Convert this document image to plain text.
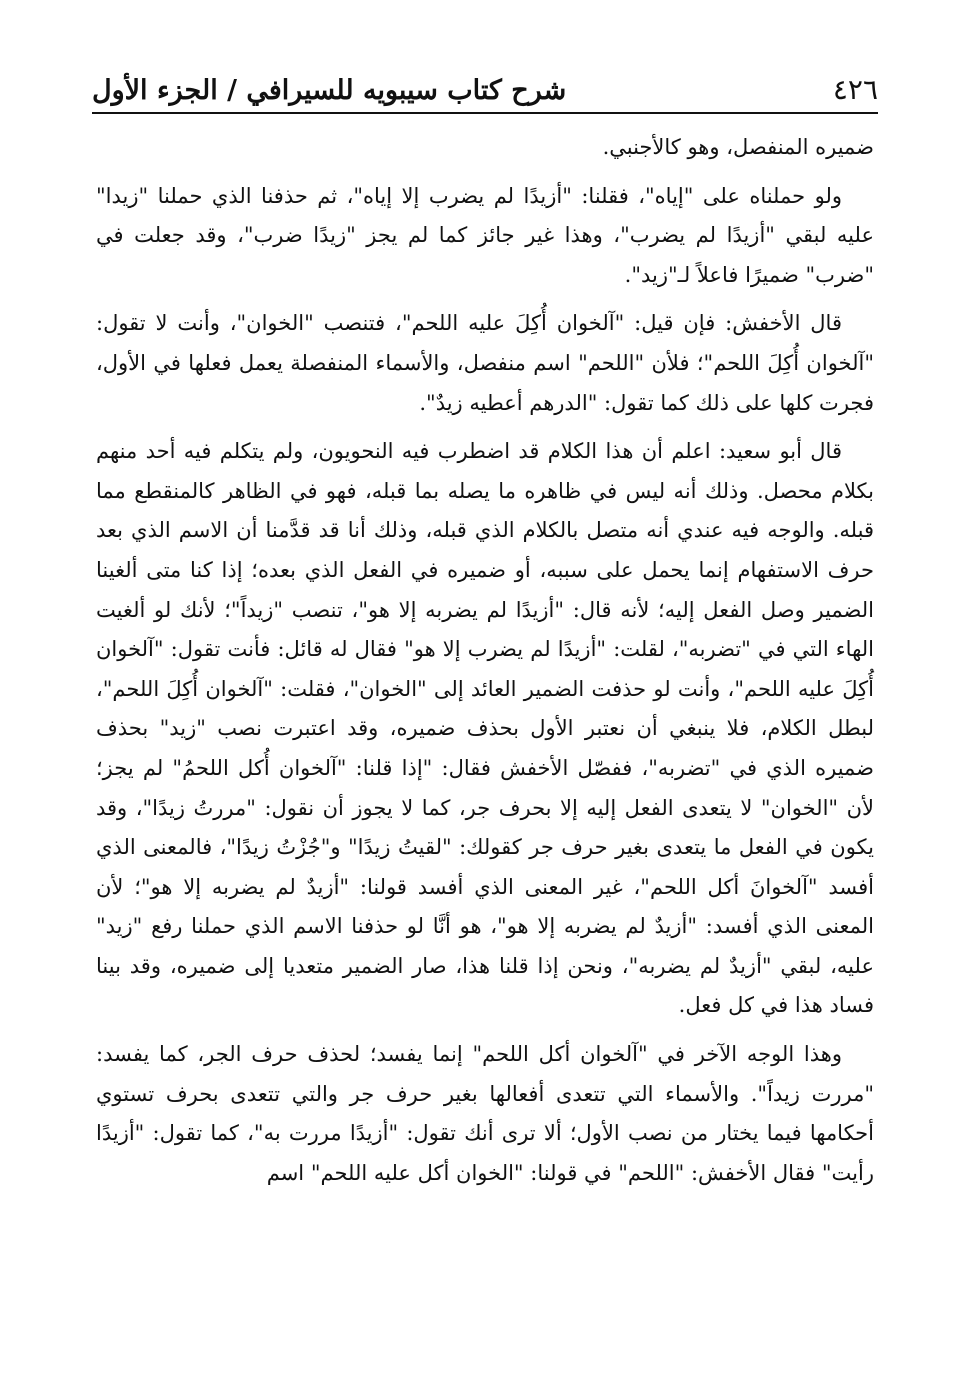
٤٢٦
شرح كتاب سيبويه للسيرافي / الجزء الأول

ضميره المنفصل، وهو كالأجنبي.

ولو حملناه على "إياه"، فقلنا: "أزيدًا لم يضرب إلا إياه"، ثم حذفنا الذي حملنا "زيدا" عليه لبقي "أزيدًا لم يضرب"، وهذا غير جائز كما لم يجز "زيدًا ضرب"، وقد جعلت في "ضرب" ضميرًا فاعلاً لـ"زيد".

قال الأخفش: فإن قيل: "آلخوان أُكِلَ عليه اللحم"، فتنصب "الخوان"، وأنت لا تقول: "آلخوان أُكِلَ اللحم"؛ فلأن "اللحم" اسم منفصل، والأسماء المنفصلة يعمل فعلها في الأول، فجرت كلها على ذلك كما تقول: "الدرهم أعطيه زيدٌ".

قال أبو سعيد: اعلم أن هذا الكلام قد اضطرب فيه النحويون، ولم يتكلم فيه أحد منهم بكلام محصل. وذلك أنه ليس في ظاهره ما يصله بما قبله، فهو في الظاهر كالمنقطع مما قبله. والوجه فيه عندي أنه متصل بالكلام الذي قبله، وذلك أنا قد قدَّمنا أن الاسم الذي بعد حرف الاستفهام إنما يحمل على سببه، أو ضميره في الفعل الذي بعده؛ إذا كنا متى ألغينا الضمير وصل الفعل إليه؛ لأنه قال: "أزيدًا لم يضربه إلا هو"، تنصب "زيداً"؛ لأنك لو ألغيت الهاء التي في "تضربه"، لقلت: "أزيدًا لم يضرب إلا هو" فقال له قائل: فأنت تقول: "آلخوان أُكِلَ عليه اللحم"، وأنت لو حذفت الضمير العائد إلى "الخوان"، فقلت: "آلخوان أُكِلَ اللحم"، لبطل الكلام، فلا ينبغي أن نعتبر الأول بحذف ضميره، وقد اعتبرت نصب "زيد" بحذف ضميره الذي في "تضربه"، ففصّل الأخفش فقال: "إذا قلنا: "آلخوان أُكل اللحمُ" لم يجز؛ لأن "الخوان" لا يتعدى الفعل إليه إلا بحرف جر، كما لا يجوز أن نقول: "مررتُ زيدًا"، وقد يكون في الفعل ما يتعدى بغير حرف جر كقولك: "لقيتُ زيدًا" و"جُزْتُ زيدًا"، فالمعنى الذي أفسد "آلخوانَ أكل اللحم"، غير المعنى الذي أفسد قولنا: "أزيدٌ لم يضربه إلا هو"؛ لأن المعنى الذي أفسد: "أزيدٌ لم يضربه إلا هو"، هو أنَّا لو حذفنا الاسم الذي حملنا رفع "زيد" عليه، لبقي "أزيدٌ لم يضربه"، ونحن إذا قلنا هذا، صار الضمير متعديا إلى ضميره، وقد بينا فساد هذا في كل فعل.

وهذا الوجه الآخر في "آلخوان أكل اللحم" إنما يفسد؛ لحذف حرف الجر، كما يفسد: "مررت زيداً". والأسماء التي تتعدى أفعالها بغير حرف جر والتي تتعدى بحرف تستوي أحكامها فيما يختار من نصب الأول؛ ألا ترى أنك تقول: "أزيدًا مررت به"، كما تقول: "أزيدًا رأيت" فقال الأخفش: "اللحم" في قولنا: "الخوان أكل عليه اللحم" اسم
